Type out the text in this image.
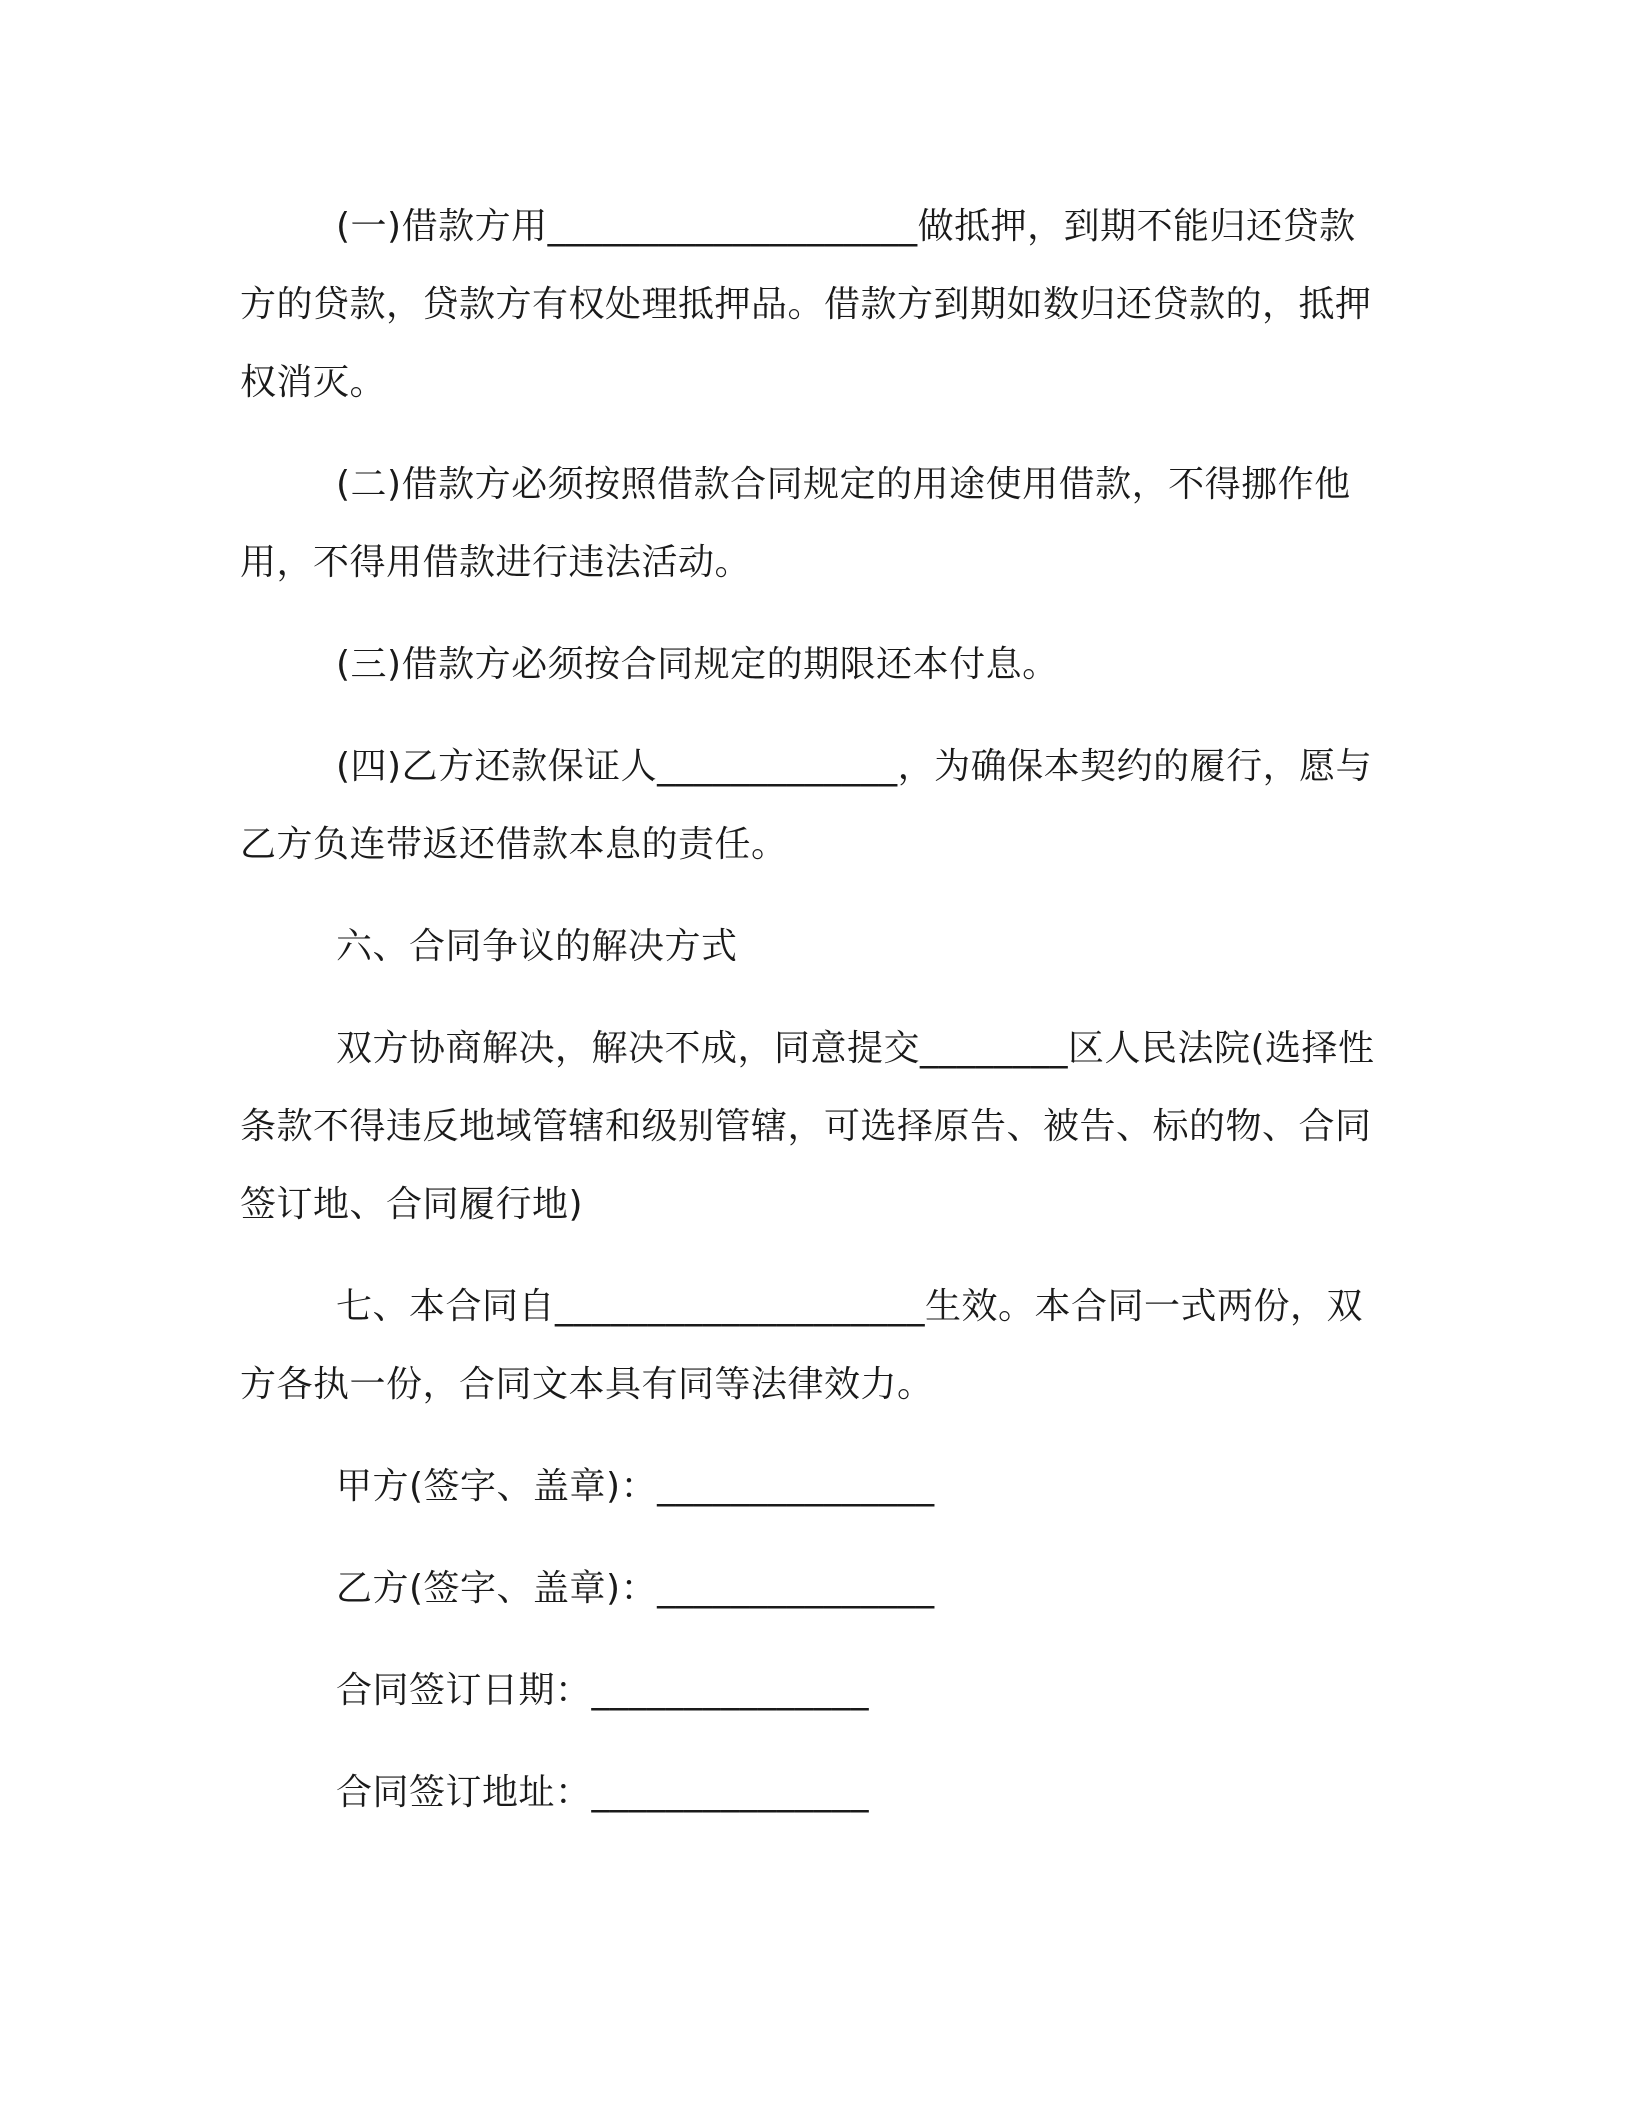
(一)借款方用____________________做抵押，到期不能归还贷款方的贷款，贷款方有权处理抵押品。借款方到期如数归还贷款的，抵押权消灭。

(二)借款方必须按照借款合同规定的用途使用借款，不得挪作他用，不得用借款进行违法活动。

(三)借款方必须按合同规定的期限还本付息。

(四)乙方还款保证人_____________，为确保本契约的履行，愿与乙方负连带返还借款本息的责任。

六、合同争议的解决方式

双方协商解决，解决不成，同意提交________区人民法院(选择性条款不得违反地域管辖和级别管辖，可选择原告、被告、标的物、合同签订地、合同履行地)

七、本合同自____________________生效。本合同一式两份，双方各执一份，合同文本具有同等法律效力。

甲方(签字、盖章)：_______________

乙方(签字、盖章)：_______________

合同签订日期：_______________

合同签订地址：_______________
